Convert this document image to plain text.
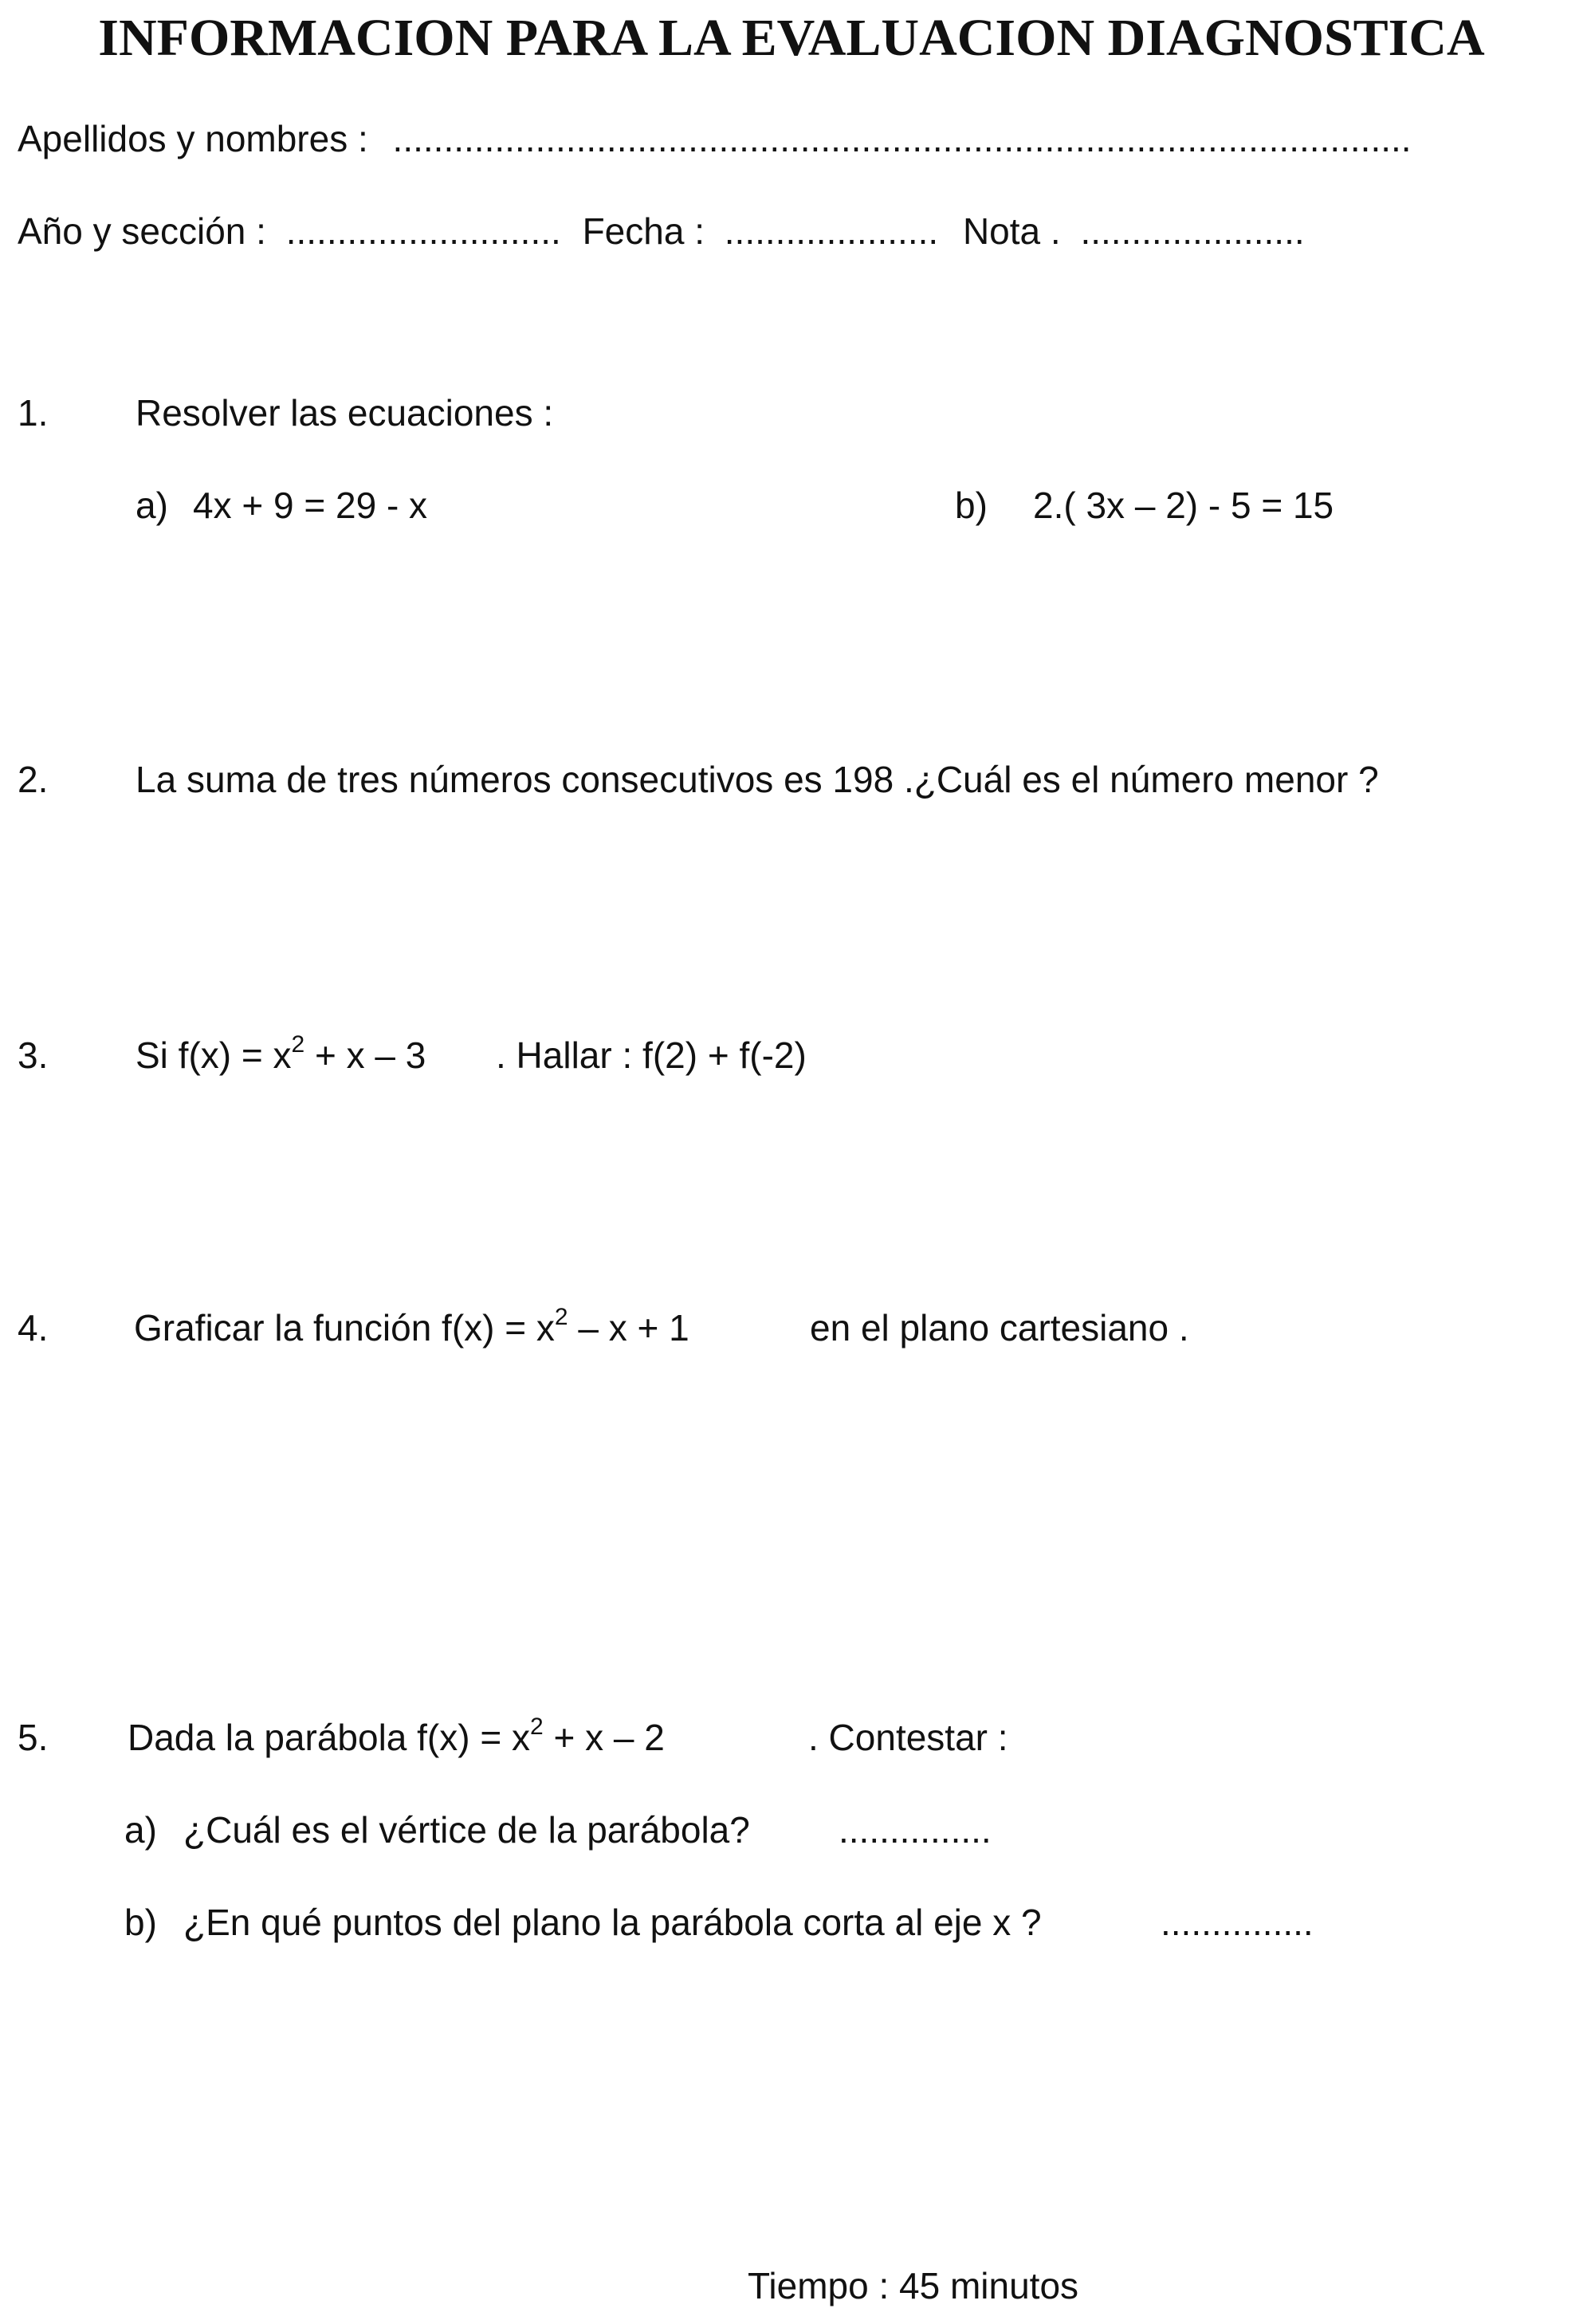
INFORMACION PARA LA EVALUACION DIAGNOSTICA
Apellidos y nombres : ....................................................................................................
Año y sección : ........................... Fecha : ..................... Nota . ......................
1. Resolver las ecuaciones :
a) 4x + 9 = 29 - x	b) 2.( 3x – 2) - 5 = 15
2. La suma de tres números consecutivos es 198 .¿Cuál es el número menor ?
3. Si $f(x) = x^2 + x - 3$ . Hallar : f(2) + f(-2)
4. Graficar la función $f(x) = x^2 - x + 1$	en el plano cartesiano .
5. Dada la parábola $f(x) = x^2 + x - 2$	. Contestar :
a) ¿Cuál es el vértice de la parábola? ...............
b) ¿En qué puntos del plano la parábola corta al eje x ?	...............
Tiempo : 45 minutos
